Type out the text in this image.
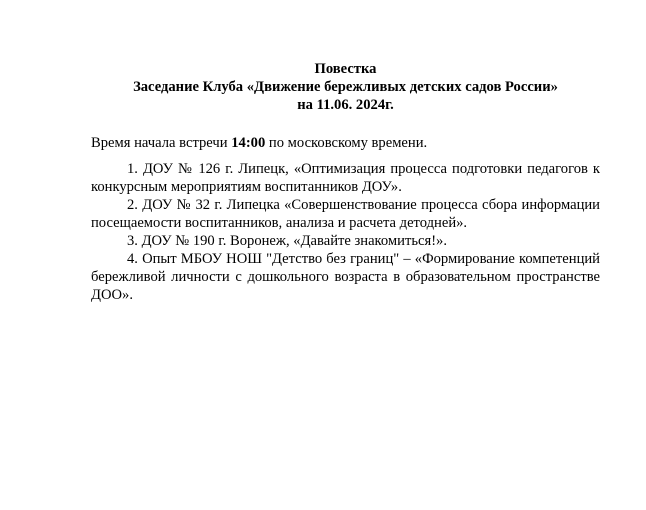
Повестка
Заседание Клуба «Движение бережливых детских садов России»
на 11.06. 2024г.
Время начала встречи 14:00 по московскому времени.

1. ДОУ № 126 г. Липецк, «Оптимизация процесса подготовки педагогов к конкурсным мероприятиям воспитанников ДОУ».

2. ДОУ № 32 г. Липецка «Совершенствование процесса сбора информации посещаемости воспитанников, анализа и расчета детодней».

3. ДОУ № 190 г. Воронеж, «Давайте знакомиться!».

4. Опыт МБОУ НОШ "Детство без границ" – «Формирование компетенций бережливой личности с дошкольного возраста в образовательном пространстве ДОО».
